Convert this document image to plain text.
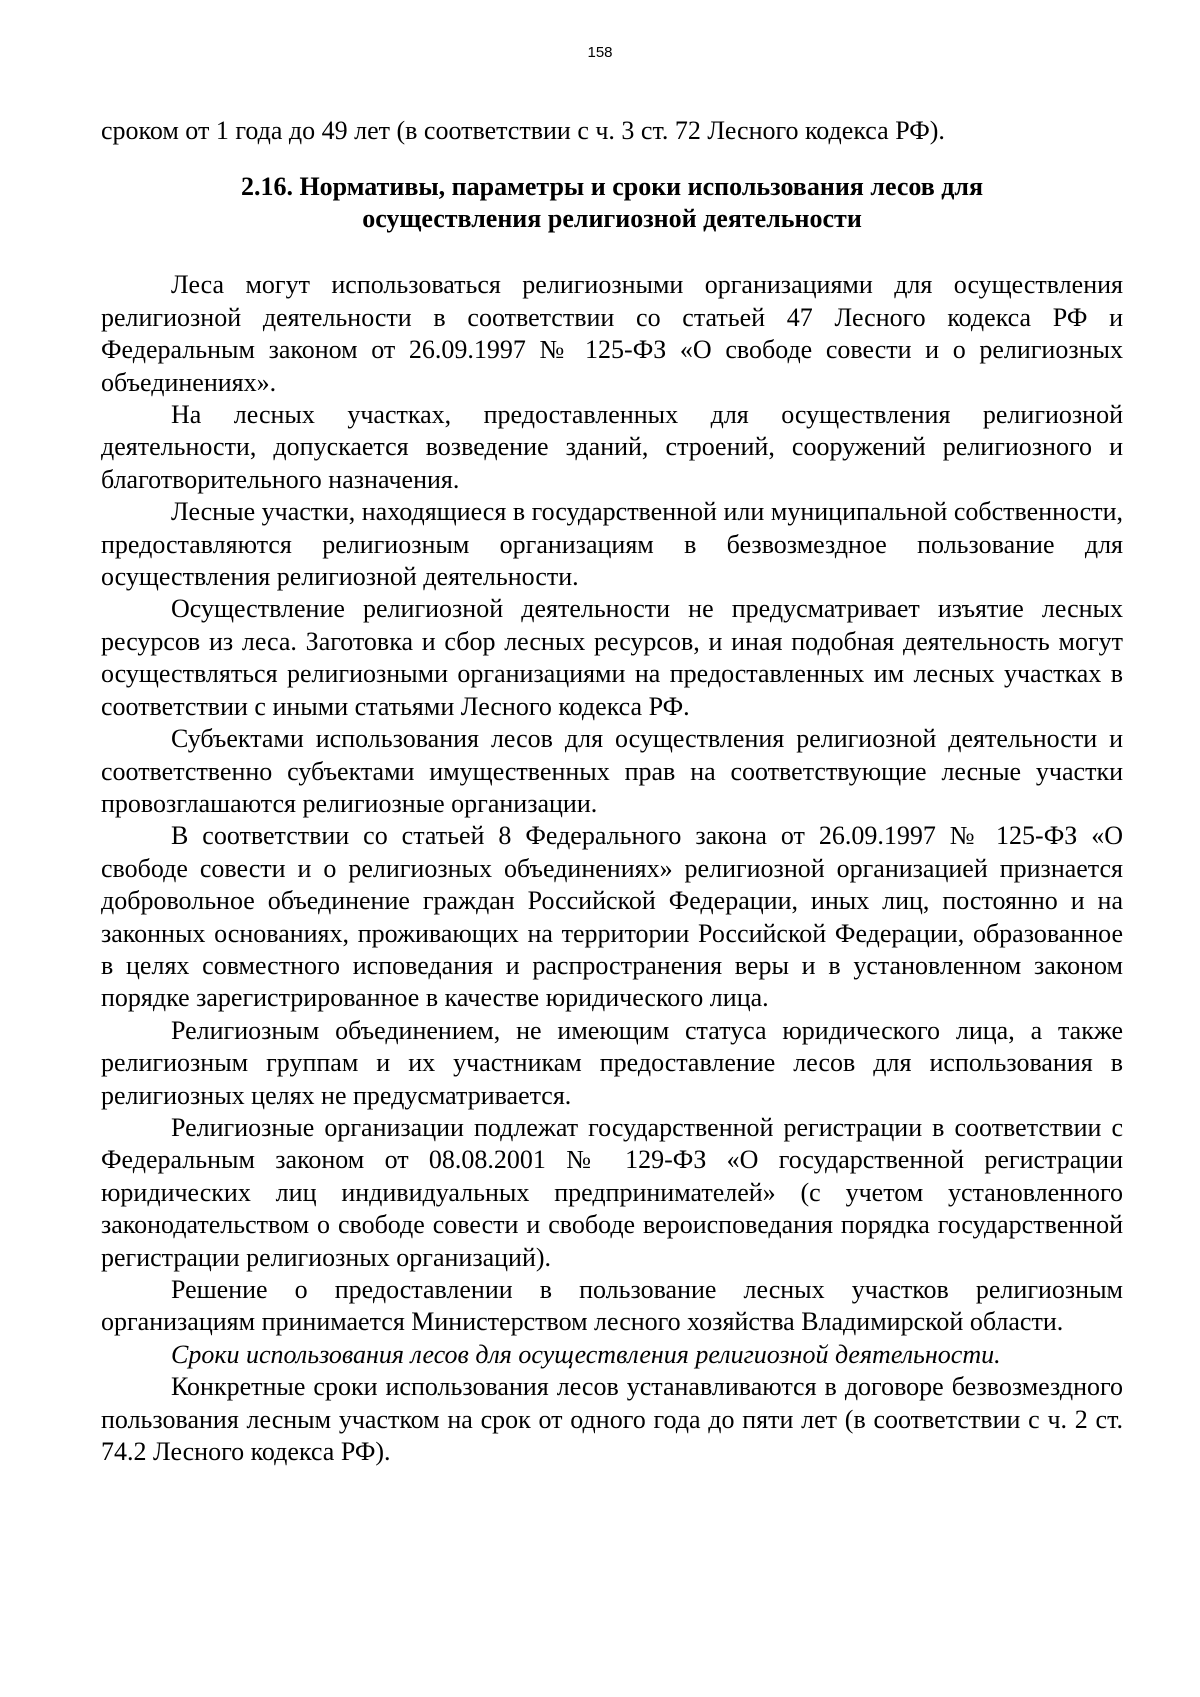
158

сроком от 1 года до 49 лет (в соответствии с ч. 3 ст. 72 Лесного кодекса РФ).

2.16. Нормативы, параметры и сроки использования лесов для
осуществления религиозной деятельности

Леса могут использоваться религиозными организациями для осуществления религиозной деятельности в соответствии со статьей 47 Лесного кодекса РФ и Федеральным законом от 26.09.1997 № 125-ФЗ «О свободе совести и о религиозных объединениях».

На лесных участках, предоставленных для осуществления религиозной деятельности, допускается возведение зданий, строений, сооружений религиозного и благотворительного назначения.

Лесные участки, находящиеся в государственной или муниципальной собственности, предоставляются религиозным организациям в безвозмездное пользование для осуществления религиозной деятельности.

Осуществление религиозной деятельности не предусматривает изъятие лесных ресурсов из леса. Заготовка и сбор лесных ресурсов, и иная подобная деятельность могут осуществляться религиозными организациями на предоставленных им лесных участках в соответствии с иными статьями Лесного кодекса РФ.

Субъектами использования лесов для осуществления религиозной деятельности и соответственно субъектами имущественных прав на соответствующие лесные участки провозглашаются религиозные организации.

В соответствии со статьей 8 Федерального закона от 26.09.1997 № 125-ФЗ «О свободе совести и о религиозных объединениях» религиозной организацией признается добровольное объединение граждан Российской Федерации, иных лиц, постоянно и на законных основаниях, проживающих на территории Российской Федерации, образованное в целях совместного исповедания и распространения веры и в установленном законом порядке зарегистрированное в качестве юридического лица.

Религиозным объединением, не имеющим статуса юридического лица, а также религиозным группам и их участникам предоставление лесов для использования в религиозных целях не предусматривается.

Религиозные организации подлежат государственной регистрации в соответствии с Федеральным законом от 08.08.2001 № 129-ФЗ «О государственной регистрации юридических лиц индивидуальных предпринимателей» (с учетом установленного законодательством о свободе совести и свободе вероисповедания порядка государственной регистрации религиозных организаций).

Решение о предоставлении в пользование лесных участков религиозным организациям принимается Министерством лесного хозяйства Владимирской области.

Сроки использования лесов для осуществления религиозной деятельности.

Конкретные сроки использования лесов устанавливаются в договоре безвозмездного пользования лесным участком на срок от одного года до пяти лет (в соответствии с ч. 2 ст. 74.2 Лесного кодекса РФ).
